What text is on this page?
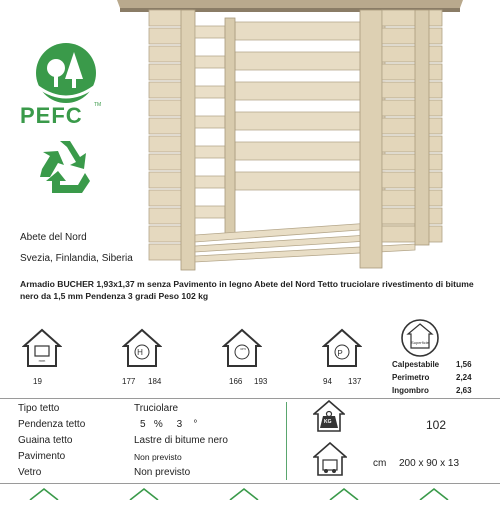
PEFC TM
Abete del Nord
Svezia, Finlandia, Siberia
Armadio BUCHER 1,93x1,37 m senza Pavimento in legno Abete del Nord Tetto truciolare rivestimento di bitume nero da 1,5 mm Pendenza 3 gradi Peso 102 kg
mm
H	cm
P
Superficie
19	177 184	166 193	94 137
Calpestabile 1,56
Perimetro	2,24
Ingombro	2,63
Tipo tetto	Truciolare
Pendenza tetto	5   %     3    °
Guaina tetto	Lastre di bitume nero
Pavimento	Non previsto
Vetro	Non previsto
KG	102
cm 200 x 90 x 13
